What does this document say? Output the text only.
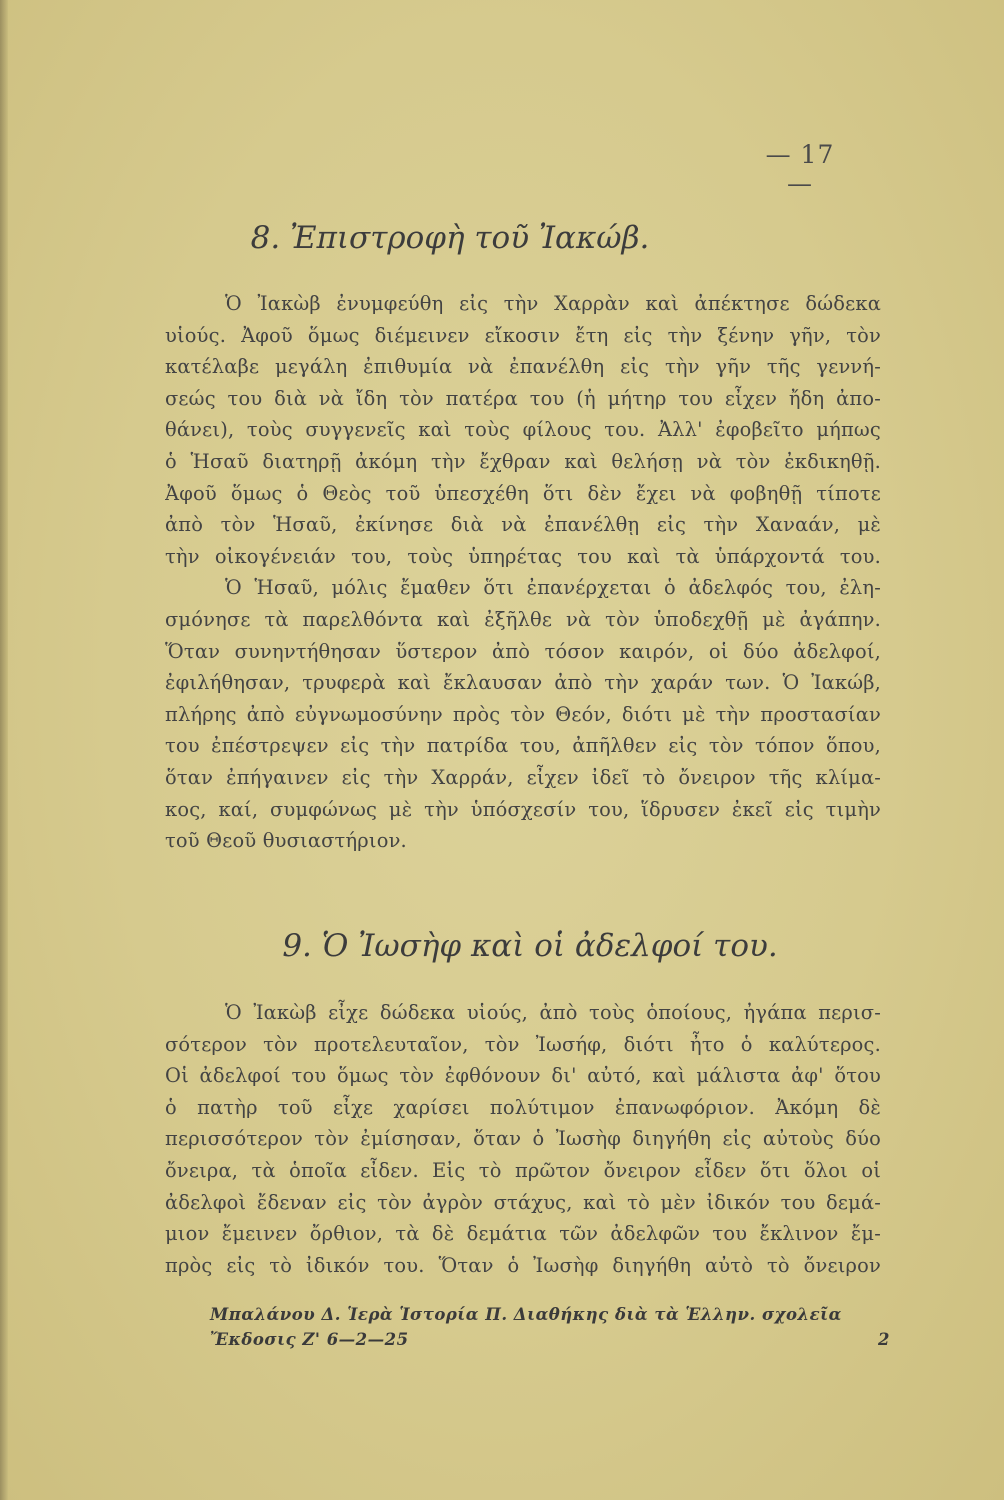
— 17 —
8. Ἐπιστροφὴ τοῦ Ἰακώβ.
Ὁ Ἰακὼβ ἐνυμφεύθη εἰς τὴν Χαρρὰν καὶ ἀπέκτησε δώδεκα
υἱούς. Ἀφοῦ ὅμως διέμεινεν εἴκοσιν ἔτη εἰς τὴν ξένην γῆν, τὸν
κατέλαβε μεγάλη ἐπιθυμία νὰ ἐπανέλθη εἰς τὴν γῆν τῆς γεννή-
σεώς του διὰ νὰ ἴδη τὸν πατέρα του (ἡ μήτηρ του εἶχεν ἤδη ἀπο-
θάνει), τοὺς συγγενεῖς καὶ τοὺς φίλους του. Ἀλλ' ἐφοβεῖτο μήπως
ὁ Ἡσαῦ διατηρῇ ἀκόμη τὴν ἔχθραν καὶ θελήσῃ νὰ τὸν ἐκδικηθῇ.
Ἀφοῦ ὅμως ὁ Θεὸς τοῦ ὑπεσχέθη ὅτι δὲν ἔχει νὰ φοβηθῇ τίποτε
ἀπὸ τὸν Ἡσαῦ, ἐκίνησε διὰ νὰ ἐπανέλθῃ εἰς τὴν Χαναάν, μὲ
τὴν οἰκογένειάν του, τοὺς ὑπηρέτας του καὶ τὰ ὑπάρχοντά του.
Ὁ Ἡσαῦ, μόλις ἔμαθεν ὅτι ἐπανέρχεται ὁ ἀδελφός του, ἐλη-
σμόνησε τὰ παρελθόντα καὶ ἐξῆλθε νὰ τὸν ὑποδεχθῇ μὲ ἀγάπην.
Ὅταν συνηντήθησαν ὕστερον ἀπὸ τόσον καιρόν, οἱ δύο ἀδελφοί,
ἐφιλήθησαν, τρυφερὰ καὶ ἔκλαυσαν ἀπὸ τὴν χαράν των. Ὁ Ἰακώβ,
πλήρης ἀπὸ εὐγνωμοσύνην πρὸς τὸν Θεόν, διότι μὲ τὴν προστασίαν
του ἐπέστρεψεν εἰς τὴν πατρίδα του, ἀπῆλθεν εἰς τὸν τόπον ὅπου,
ὅταν ἐπήγαινεν εἰς τὴν Χαρράν, εἶχεν ἰδεῖ τὸ ὄνειρον τῆς κλίμα-
κος, καί, συμφώνως μὲ τὴν ὑπόσχεσίν του, ἵδρυσεν ἐκεῖ εἰς τιμὴν
τοῦ Θεοῦ θυσιαστήριον.
9. Ὁ Ἰωσὴφ καὶ οἱ ἀδελφοί του.
Ὁ Ἰακὼβ εἶχε δώδεκα υἱούς, ἀπὸ τοὺς ὁποίους, ἠγάπα περισ-
σότερον τὸν προτελευταῖον, τὸν Ἰωσήφ, διότι ἦτο ὁ καλύτερος.
Οἱ ἀδελφοί του ὅμως τὸν ἐφθόνουν δι' αὐτό, καὶ μάλιστα ἀφ' ὅτου
ὁ πατὴρ τοῦ εἶχε χαρίσει πολύτιμον ἐπανωφόριον. Ἀκόμη δὲ
περισσότερον τὸν ἐμίσησαν, ὅταν ὁ Ἰωσὴφ διηγήθη εἰς αὐτοὺς δύο
ὄνειρα, τὰ ὁποῖα εἶδεν. Εἰς τὸ πρῶτον ὄνειρον εἶδεν ὅτι ὅλοι οἱ
ἀδελφοὶ ἔδεναν εἰς τὸν ἀγρὸν στάχυς, καὶ τὸ μὲν ἰδικόν του δεμά-
μιον ἔμεινεν ὄρθιον, τὰ δὲ δεμάτια τῶν ἀδελφῶν του ἔκλινον ἔμ-
πρὸς εἰς τὸ ἰδικόν του. Ὅταν ὁ Ἰωσὴφ διηγήθη αὐτὸ τὸ ὄνειρον
Μπαλάνου Δ. Ἱερὰ Ἱστορία Π. Διαθήκης διὰ τὰ Ἑλλην. σχολεῖα
Ἔκδοσις Ζ' 6—2—25	2
